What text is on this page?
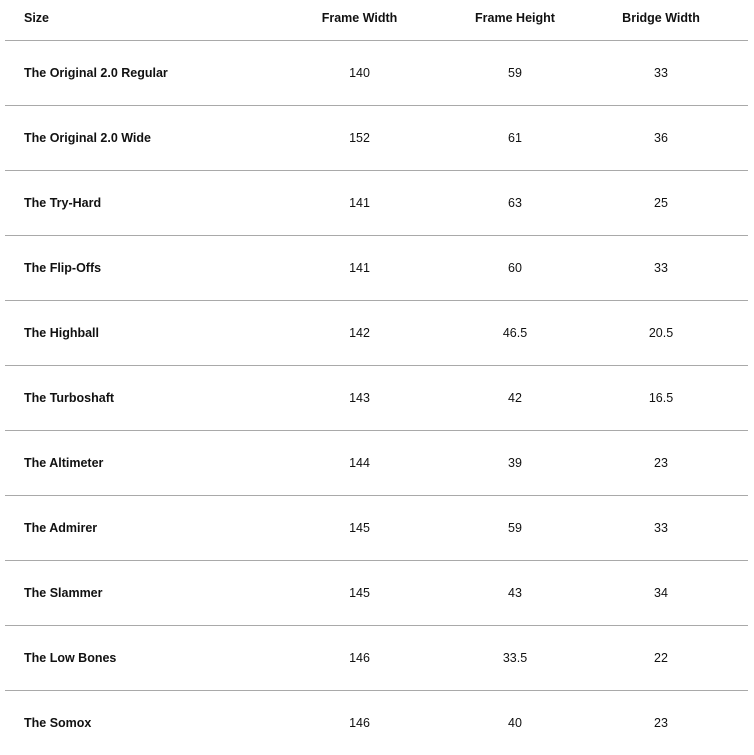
Size	Frame Width	Frame Height	Bridge Width
The Original 2.0 Regular	140	59	33
The Original 2.0 Wide	152	61	36
The Try-Hard	141	63	25
The Flip-Offs	141	60	33
The Highball	142	46.5	20.5
The Turboshaft	143	42	16.5
The Altimeter	144	39	23
The Admirer	145	59	33
The Slammer	145	43	34
The Low Bones	146	33.5	22
The Somox	146	40	23
